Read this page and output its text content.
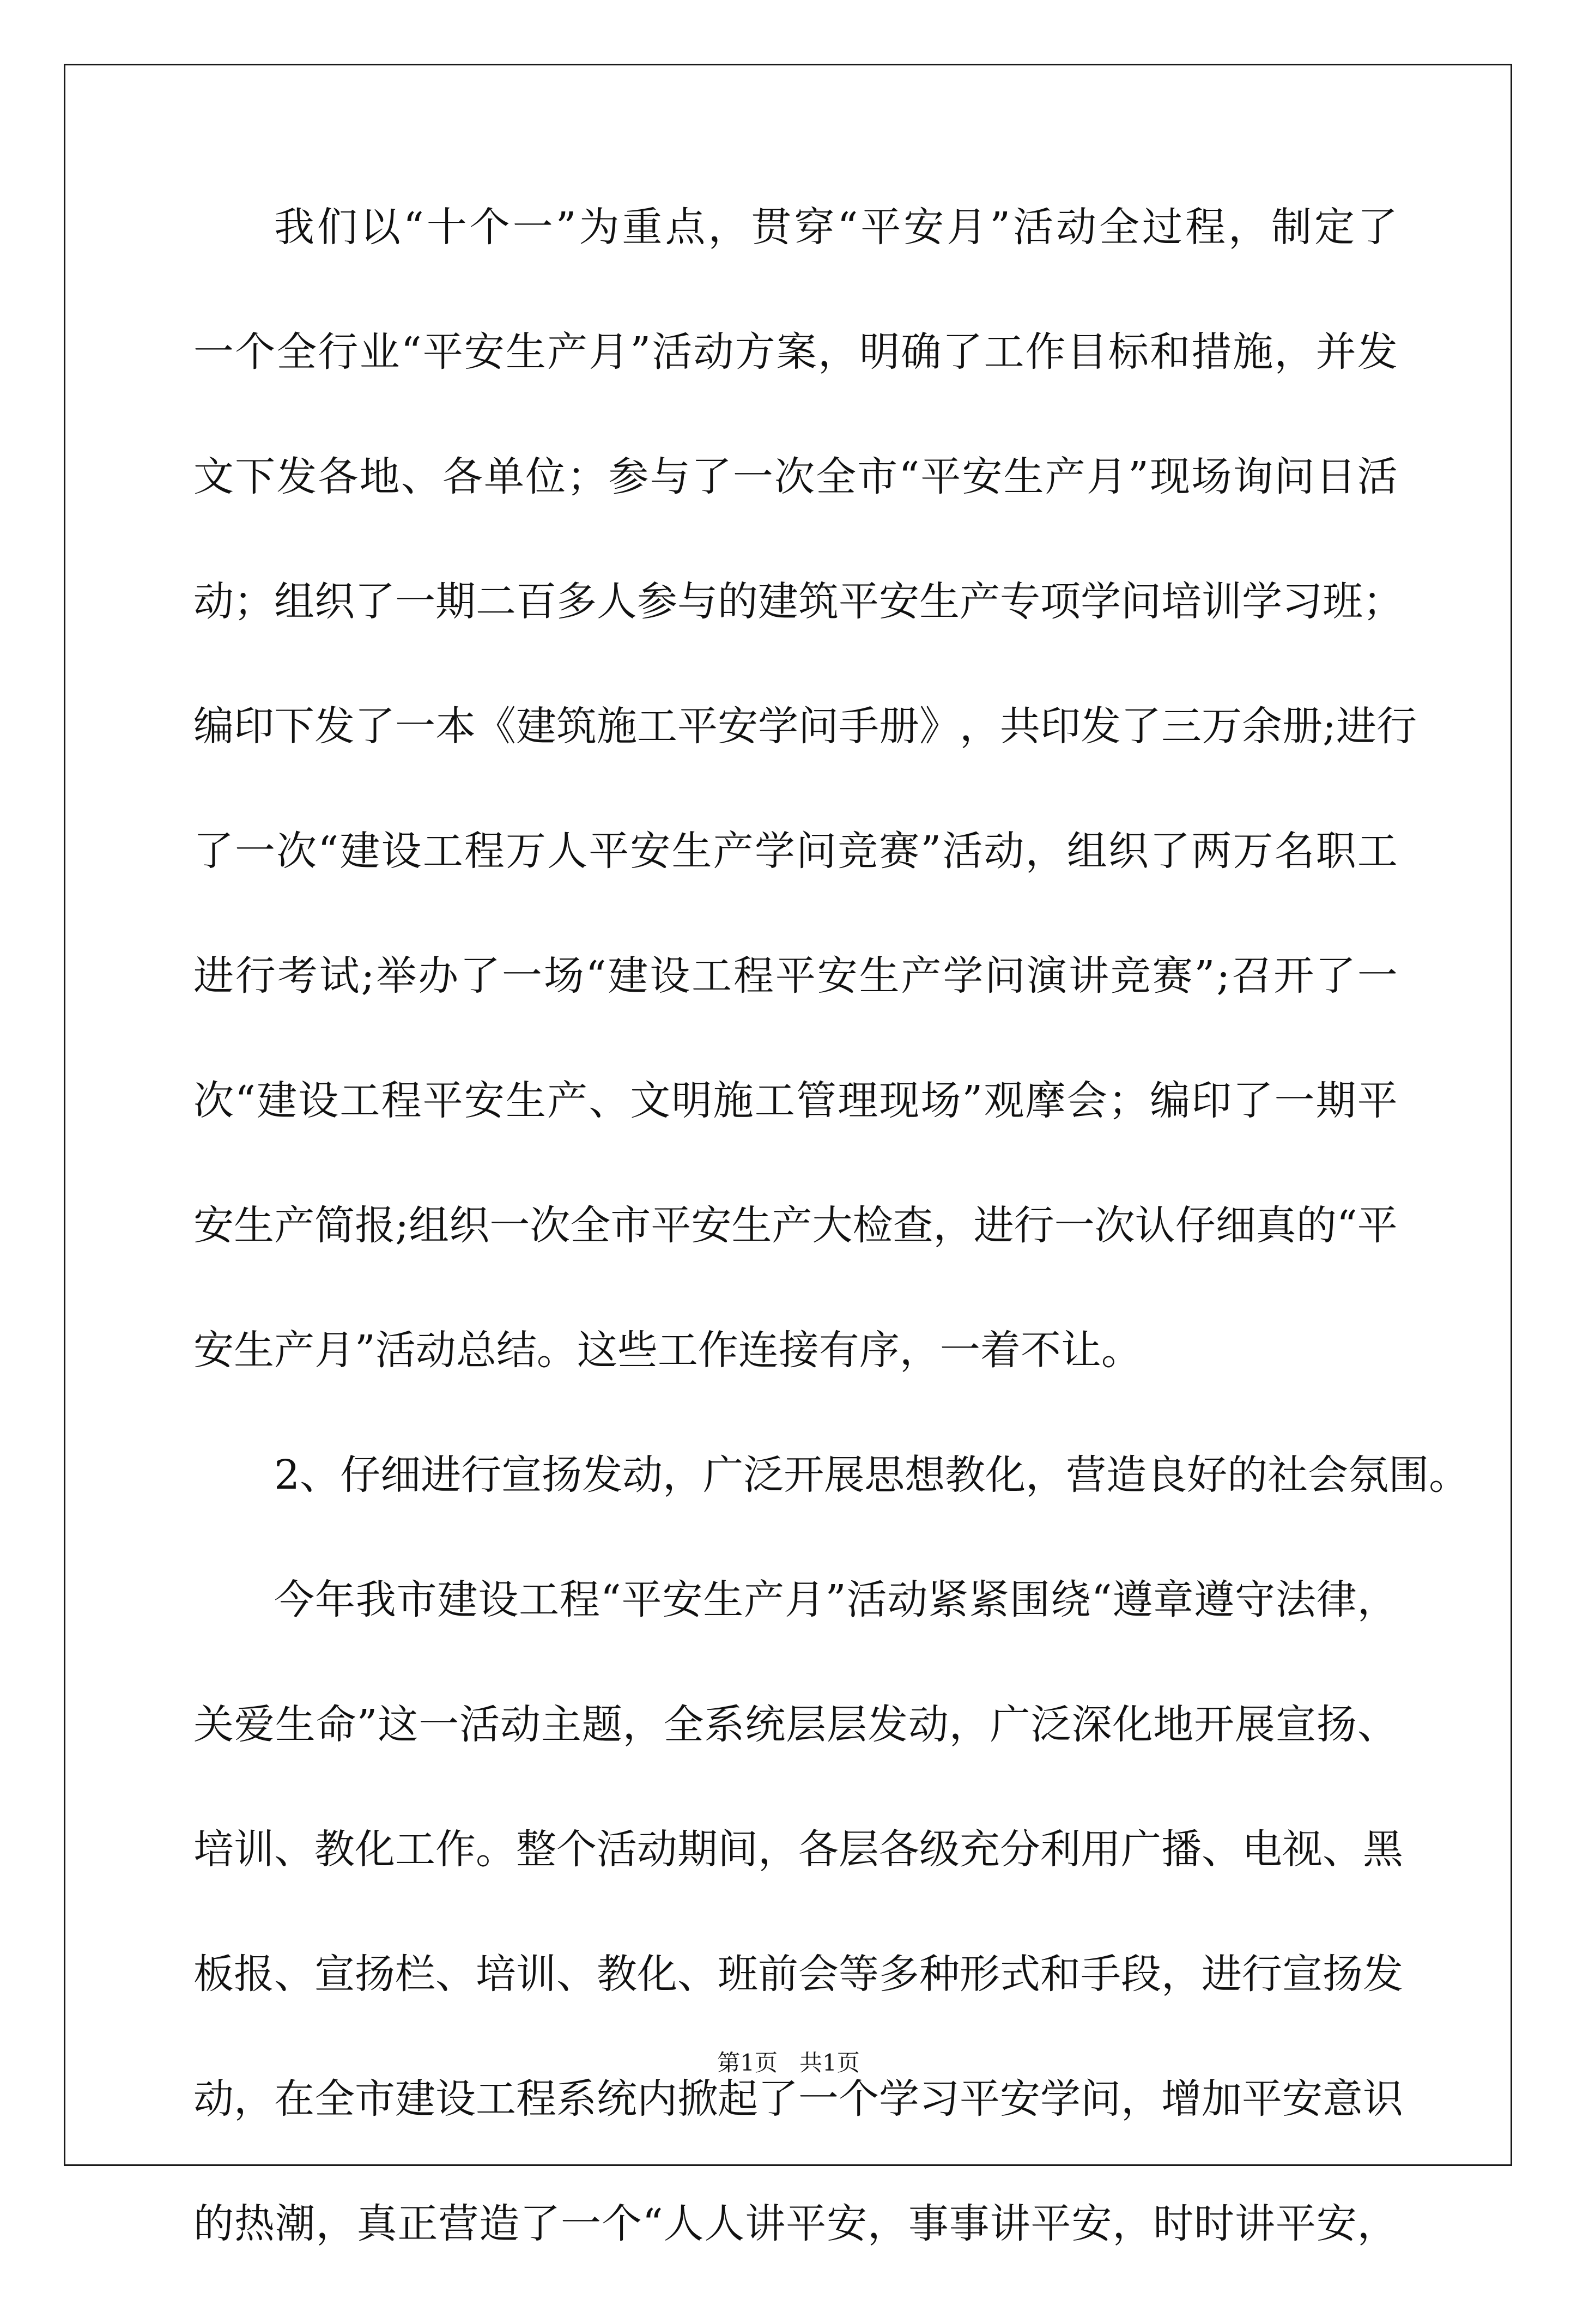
我 们 以 “ 十 个 一 ” 为 重 点 ， 贯 穿 “ 平 安 月 ” 活 动 全 过 程 ， 制 定 了
一 个 全 行 业 “ 平 安 生 产 月 ” 活 动 方 案 ， 明 确 了 工 作 目 标 和 措 施 ， 并 发
文 下 发 各 地 、 各 单 位 ； 参 与 了 一 次 全 市 “ 平 安 生 产 月 ” 现 场 询 问 日 活
动 ； 组 织 了 一 期 二 百 多 人 参 与 的 建 筑 平 安 生 产 专 项 学 问 培 训 学 习 班 ；
编 印 下 发 了 一 本 《 建 筑 施 工 平 安 学 问 手 册 》 ， 共 印 发 了 三 万 余 册 ; 进 行
了 一 次 “ 建 设 工 程 万 人 平 安 生 产 学 问 竞 赛 ” 活 动 ， 组 织 了 两 万 名 职 工
进 行 考 试 ; 举 办 了 一 场 “ 建 设 工 程 平 安 生 产 学 问 演 讲 竞 赛 ” ; 召 开 了 一
次 “ 建 设 工 程 平 安 生 产 、 文 明 施 工 管 理 现 场 ” 观 摩 会 ； 编 印 了 一 期 平
安 生 产 简 报 ; 组 织 一 次 全 市 平 安 生 产 大 检 查 ， 进 行 一 次 认 仔 细 真 的 “ 平
安生产月”活动总结。这些工作连接有序，一着不让。
2 、 仔 细 进 行 宣 扬 发 动 ， 广 泛 开 展 思 想 教 化 ， 营 造 良 好 的 社 会 氛 围 。
今 年 我 市 建 设 工 程 “ 平 安 生 产 月 ” 活 动 紧 紧 围 绕 “ 遵 章 遵 守 法 律 ，
关 爱 生 命 ” 这 一 活 动 主 题 ， 全 系 统 层 层 发 动 ， 广 泛 深 化 地 开 展 宣 扬 、
培 训 、 教 化 工 作 。 整 个 活 动 期 间 ， 各 层 各 级 充 分 利 用 广 播 、 电 视 、 黑
板 报 、 宣 扬 栏 、 培 训 、 教 化 、 班 前 会 等 多 种 形 式 和 手 段 ， 进 行 宣 扬 发
动 ， 在 全 市 建 设 工 程 系 统 内 掀 起 了 一 个 学 习 平 安 学 问 ， 增 加 平 安 意 识
的 热 潮 ， 真 正 营 造 了 一 个 “ 人 人 讲 平 安 ， 事 事 讲 平 安 ， 时 时 讲 平 安 ，
第1页   共1页
